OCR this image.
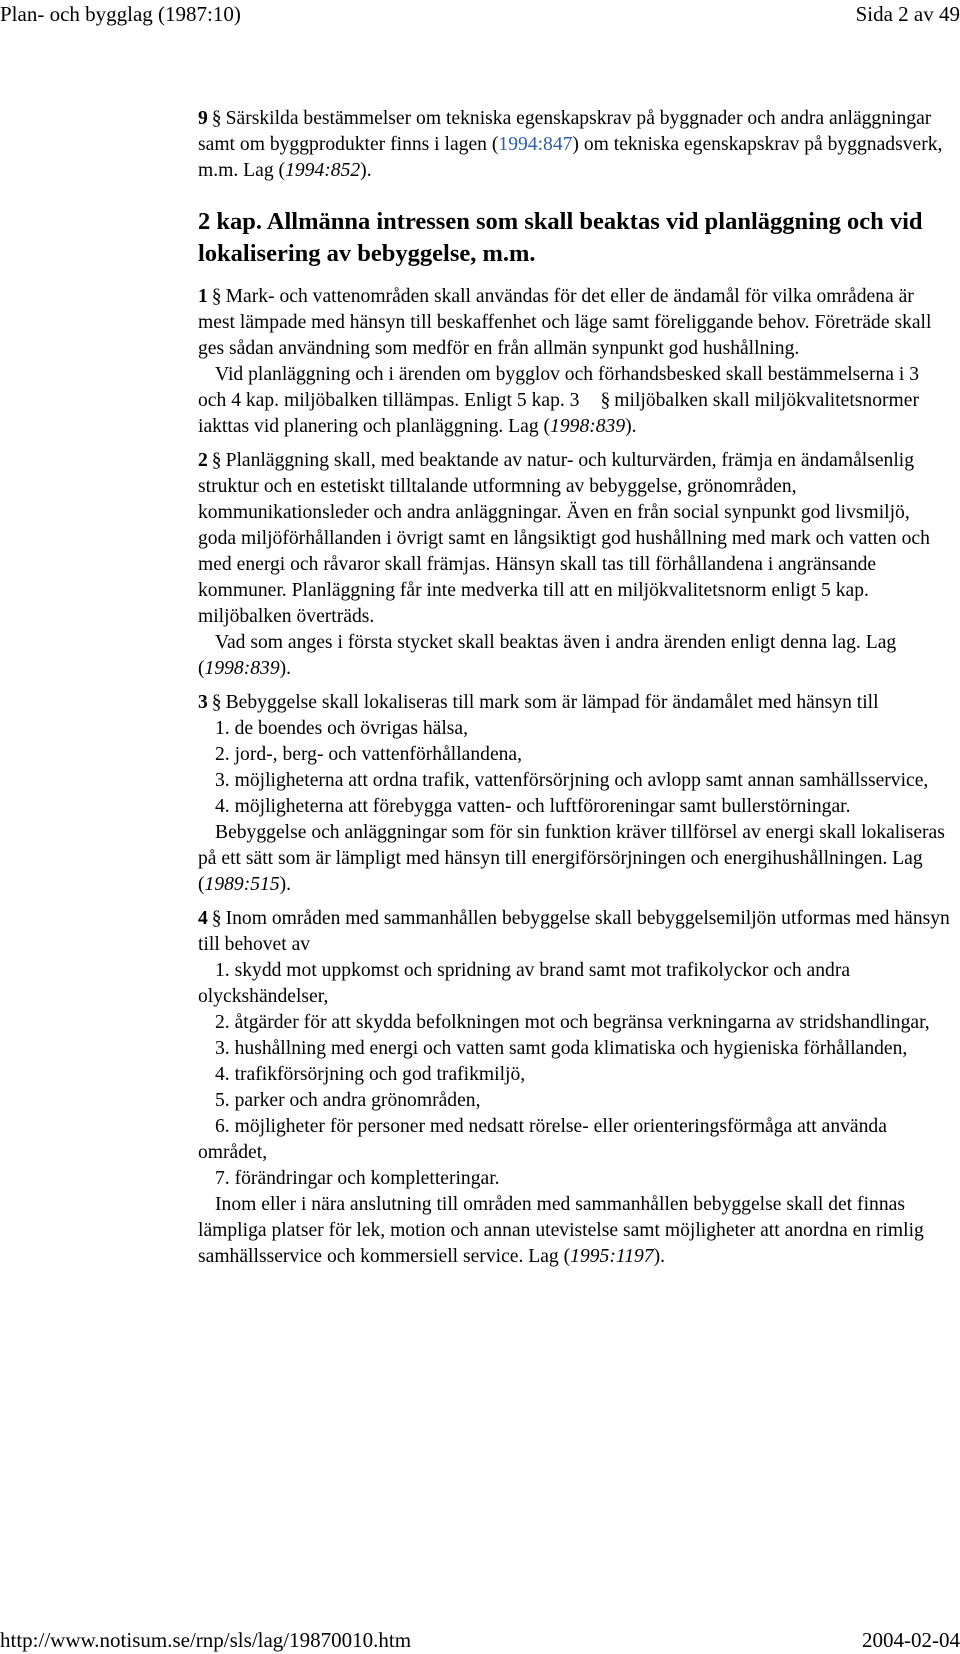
Plan- och bygglag (1987:10)	Sida 2 av 49

9 § Särskilda bestämmelser om tekniska egenskapskrav på byggnader och andra anläggningar samt om byggprodukter finns i lagen (1994:847) om tekniska egenskapskrav på byggnadsverk, m.m. Lag (1994:852).

2 kap. Allmänna intressen som skall beaktas vid planläggning och vid lokalisering av bebyggelse, m.m.

1 § Mark- och vattenområden skall användas för det eller de ändamål för vilka områdena är mest lämpade med hänsyn till beskaffenhet och läge samt föreliggande behov. Företräde skall ges sådan användning som medför en från allmän synpunkt god hushållning.

Vid planläggning och i ärenden om bygglov och förhandsbesked skall bestämmelserna i 3 och 4 kap. miljöbalken tillämpas. Enligt 5 kap. 3 § miljöbalken skall miljökvalitetsnormer iakttas vid planering och planläggning. Lag (1998:839).

2 § Planläggning skall, med beaktande av natur- och kulturvärden, främja en ändamålsenlig struktur och en estetiskt tilltalande utformning av bebyggelse, grönområden, kommunikationsleder och andra anläggningar. Även en från social synpunkt god livsmiljö, goda miljöförhållanden i övrigt samt en långsiktigt god hushållning med mark och vatten och med energi och råvaror skall främjas. Hänsyn skall tas till förhållandena i angränsande kommuner. Planläggning får inte medverka till att en miljökvalitetsnorm enligt 5 kap. miljöbalken överträds.

Vad som anges i första stycket skall beaktas även i andra ärenden enligt denna lag. Lag (1998:839).

3 § Bebyggelse skall lokaliseras till mark som är lämpad för ändamålet med hänsyn till

1. de boendes och övrigas hälsa,

2. jord-, berg- och vattenförhållandena,

3. möjligheterna att ordna trafik, vattenförsörjning och avlopp samt annan samhällsservice,

4. möjligheterna att förebygga vatten- och luftföroreningar samt bullerstörningar.

Bebyggelse och anläggningar som för sin funktion kräver tillförsel av energi skall lokaliseras på ett sätt som är lämpligt med hänsyn till energiförsörjningen och energihushållningen. Lag (1989:515).

4 § Inom områden med sammanhållen bebyggelse skall bebyggelsemiljön utformas med hänsyn till behovet av

1. skydd mot uppkomst och spridning av brand samt mot trafikolyckor och andra olyckshändelser,

2. åtgärder för att skydda befolkningen mot och begränsa verkningarna av stridshandlingar,

3. hushållning med energi och vatten samt goda klimatiska och hygieniska förhållanden,

4. trafikförsörjning och god trafikmiljö,

5. parker och andra grönområden,

6. möjligheter för personer med nedsatt rörelse- eller orienteringsförmåga att använda området,

7. förändringar och kompletteringar.

Inom eller i nära anslutning till områden med sammanhållen bebyggelse skall det finnas lämpliga platser för lek, motion och annan utevistelse samt möjligheter att anordna en rimlig samhällsservice och kommersiell service. Lag (1995:1197).

http://www.notisum.se/rnp/sls/lag/19870010.htm	2004-02-04
